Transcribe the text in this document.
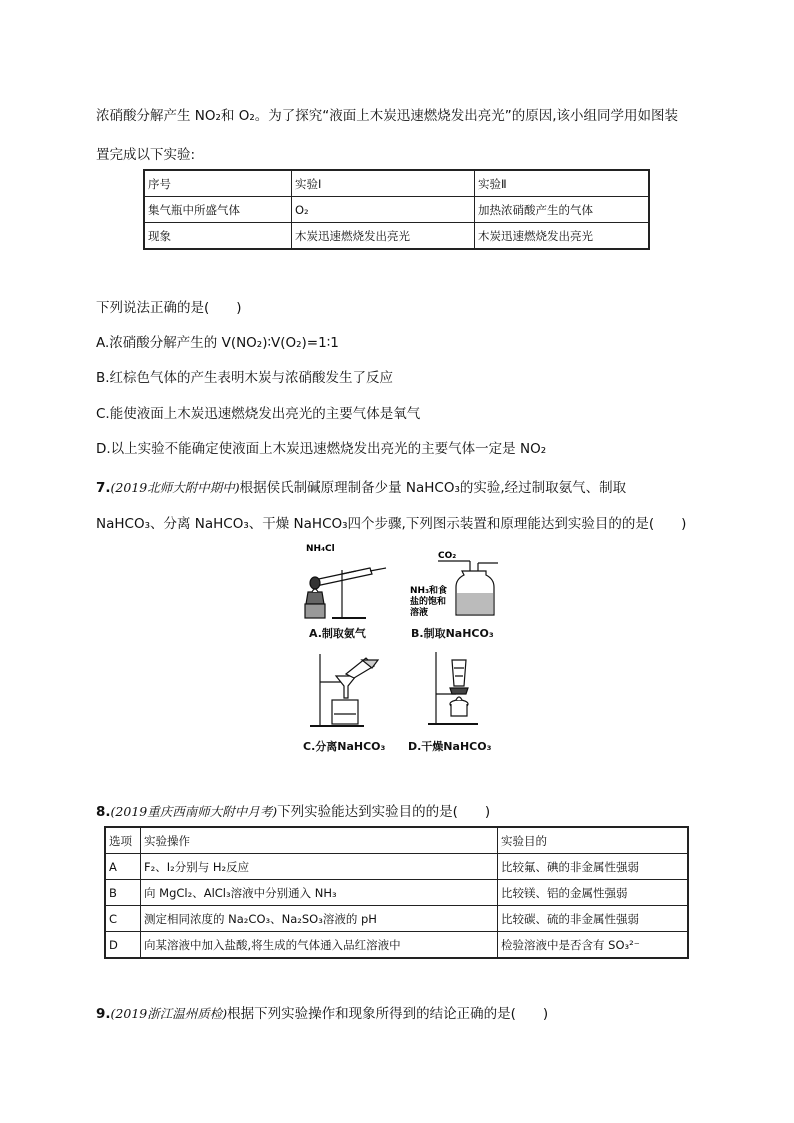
浓硝酸分解产生 NO₂和 O₂。为了探究“液面上木炭迅速燃烧发出亮光”的原因,该小组同学用如图装
置完成以下实验:
序号	实验Ⅰ	实验Ⅱ
集气瓶中所盛气体	O₂	加热浓硝酸产生的气体
现象	木炭迅速燃烧发出亮光	木炭迅速燃烧发出亮光
下列说法正确的是(　　)
A.浓硝酸分解产生的 V(NO₂)∶V(O₂)=1∶1
B.红棕色气体的产生表明木炭与浓硝酸发生了反应
C.能使液面上木炭迅速燃烧发出亮光的主要气体是氧气
D.以上实验不能确定使液面上木炭迅速燃烧发出亮光的主要气体一定是 NO₂
7.(2019北师大附中期中)根据侯氏制碱原理制备少量 NaHCO₃的实验,经过制取氨气、制取
NaHCO₃、分离 NaHCO₃、干燥 NaHCO₃四个步骤,下列图示装置和原理能达到实验目的的是(　　)
NH₄Cl
A.制取氨气
CO₂
NH₃和食
盐的饱和
溶液
B.制取NaHCO₃
C.分离NaHCO₃ D.干燥NaHCO₃
8.(2019重庆西南师大附中月考)下列实验能达到实验目的的是(　　)
选项	实验操作	实验目的
A	F₂、I₂分别与 H₂反应	比较氟、碘的非金属性强弱
B	向 MgCl₂、AlCl₃溶液中分别通入 NH₃	比较镁、铝的金属性强弱
C	测定相同浓度的 Na₂CO₃、Na₂SO₃溶液的 pH	比较碳、硫的非金属性强弱
D	向某溶液中加入盐酸,将生成的气体通入品红溶液中	检验溶液中是否含有 SO₃²⁻
9.(2019浙江温州质检)根据下列实验操作和现象所得到的结论正确的是(　　)
